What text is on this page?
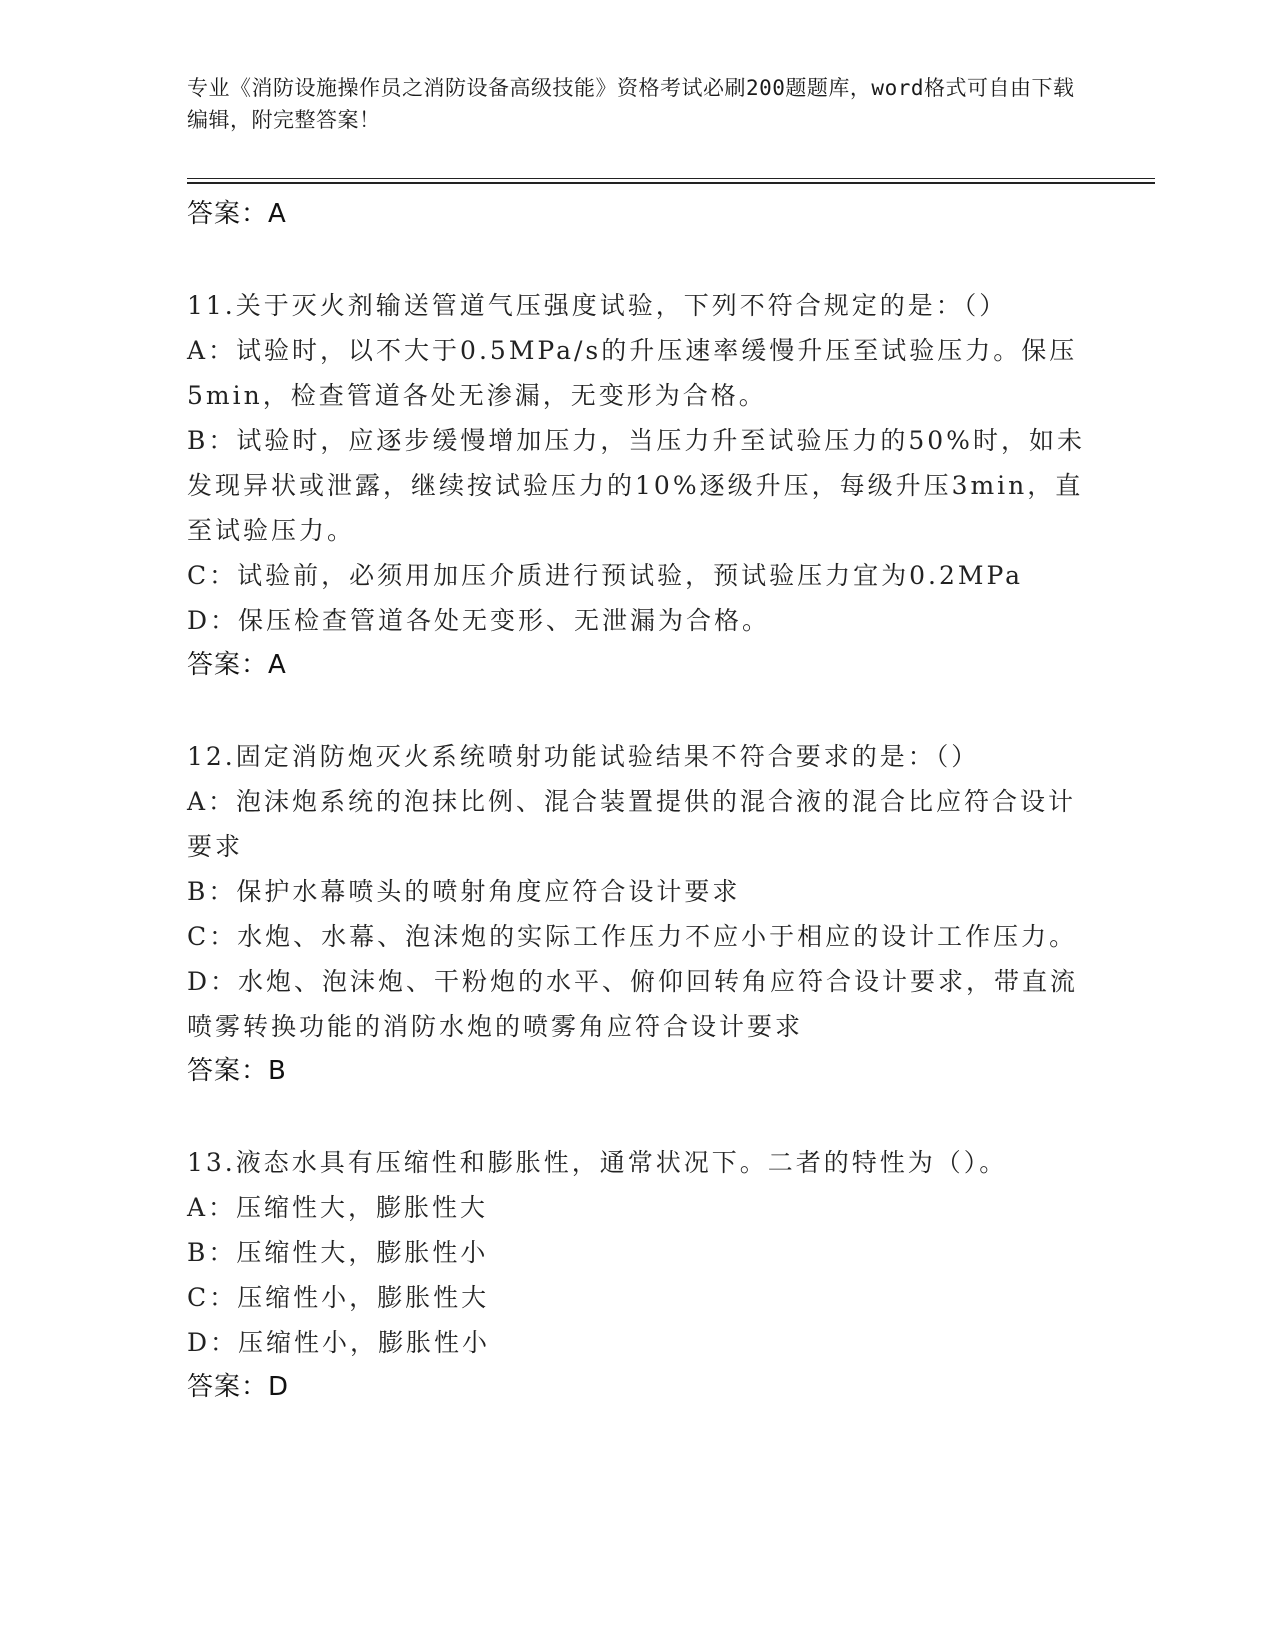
专业《消防设施操作员之消防设备高级技能》资格考试必刷200题题库，word格式可自由下载编辑，附完整答案！
答案：A
11.关于灭火剂输送管道气压强度试验，下列不符合规定的是：（）
A：试验时，以不大于0.5MPa/s的升压速率缓慢升压至试验压力。保压5min，检查管道各处无渗漏，无变形为合格。
B：试验时，应逐步缓慢增加压力，当压力升至试验压力的50%时，如未发现异状或泄露，继续按试验压力的10%逐级升压，每级升压3min，直至试验压力。
C：试验前，必须用加压介质进行预试验，预试验压力宜为0.2MPa
D：保压检查管道各处无变形、无泄漏为合格。
答案：A
12.固定消防炮灭火系统喷射功能试验结果不符合要求的是：（）
A：泡沫炮系统的泡抹比例、混合装置提供的混合液的混合比应符合设计要求
B：保护水幕喷头的喷射角度应符合设计要求
C：水炮、水幕、泡沫炮的实际工作压力不应小于相应的设计工作压力。
D：水炮、泡沫炮、干粉炮的水平、俯仰回转角应符合设计要求，带直流喷雾转换功能的消防水炮的喷雾角应符合设计要求
答案：B
13.液态水具有压缩性和膨胀性，通常状况下。二者的特性为（）。
A：压缩性大，膨胀性大
B：压缩性大，膨胀性小
C：压缩性小，膨胀性大
D：压缩性小，膨胀性小
答案：D
